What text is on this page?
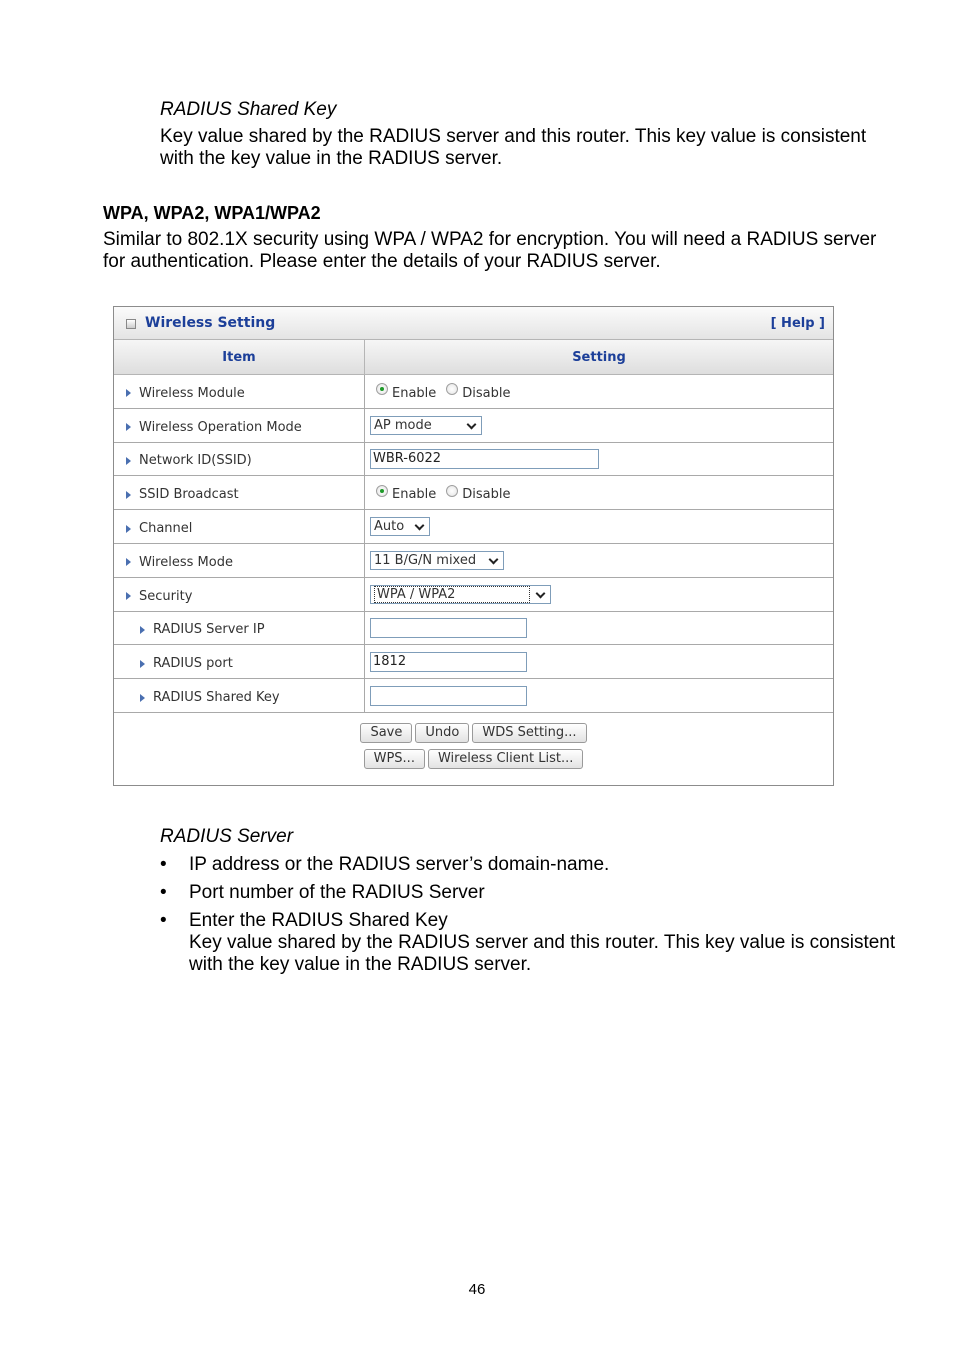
RADIUS Shared Key
Key value shared by the RADIUS server and this router. This key value is consistent
with the key value in the RADIUS server.
WPA, WPA2, WPA1/WPA2
Similar to 802.1X security using WPA / WPA2 for encryption. You will need a RADIUS server
for authentication. Please enter the details of your RADIUS server.
Wireless Setting	[ Help ]
Item	Setting
Wireless Module	Enable Disable
Wireless Operation Mode	AP mode
Network ID(SSID)	WBR-6022
SSID Broadcast	Enable Disable
Channel	Auto
Wireless Mode	11 B/G/N mixed
Security	WPA / WPA2
RADIUS Server IP
RADIUS port	1812
RADIUS Shared Key
Save	Undo	WDS Setting...
WPS...	Wireless Client List...
RADIUS Server
• IP address or the RADIUS server’s domain-name.
• Port number of the RADIUS Server
• Enter the RADIUS Shared Key
Key value shared by the RADIUS server and this router. This key value is consistent
with the key value in the RADIUS server.
46
